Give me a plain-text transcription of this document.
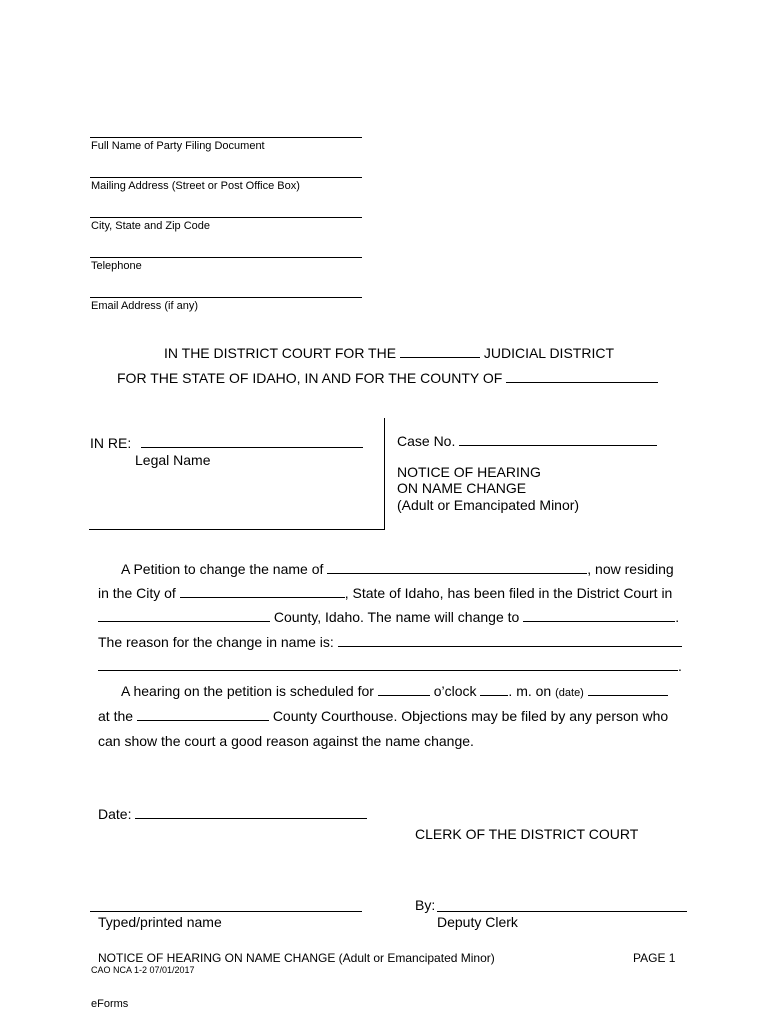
Full Name of Party Filing Document
Mailing Address (Street or Post Office Box)
City, State and Zip Code
Telephone
Email Address (if any)
IN THE DISTRICT COURT FOR THE	JUDICIAL DISTRICT
FOR THE STATE OF IDAHO, IN AND FOR THE COUNTY OF
IN RE:
Legal Name
Case No.
NOTICE OF HEARING
ON NAME CHANGE
(Adult or Emancipated Minor)
A Petition to change the name of	, now residing
in the City of	, State of Idaho, has been filed in the District Court in
County, Idaho. The name will change to	.
The reason for the change in name is:
.
A hearing on the petition is scheduled for	o’clock . m. on (date)
at the	County Courthouse. Objections may be filed by any person who
can show the court a good reason against the name change.
Date:
CLERK OF THE DISTRICT COURT
By:
Deputy Clerk
Typed/printed name
NOTICE OF HEARING ON NAME CHANGE (Adult or Emancipated Minor)	PAGE 1
CAO NCA 1-2 07/01/2017
eForms
